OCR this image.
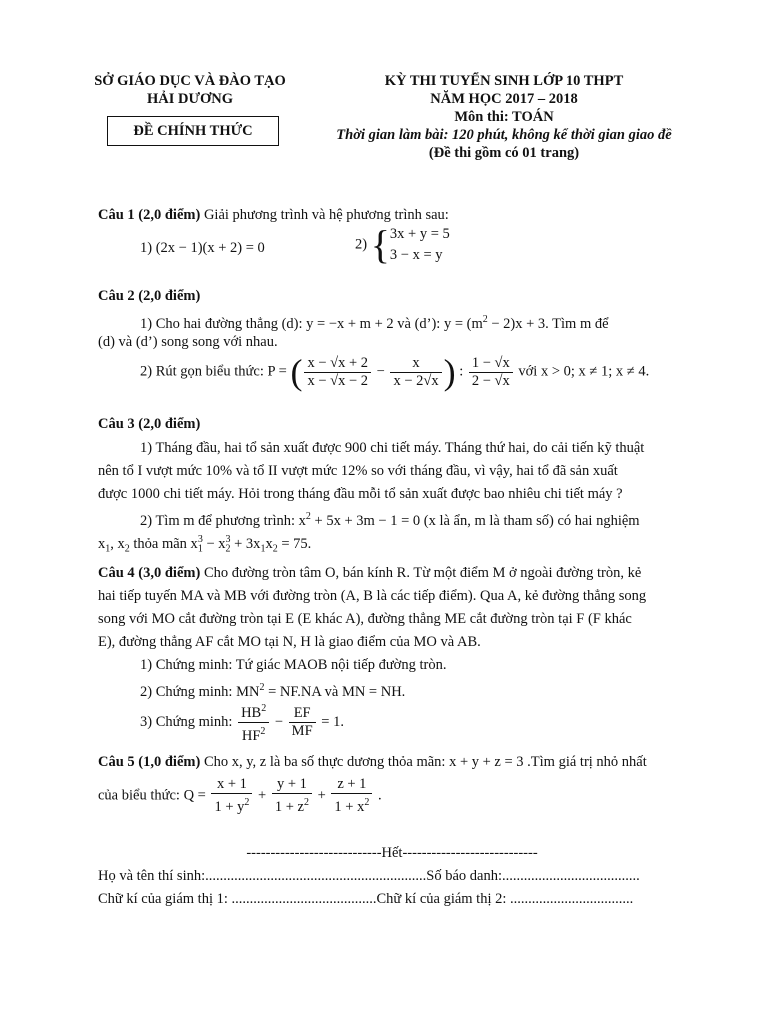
SỞ GIÁO DỤC VÀ ĐÀO TẠO
HẢI DƯƠNG
ĐỀ CHÍNH THỨC
KỲ THI TUYỂN SINH LỚP 10 THPT
NĂM HỌC 2017 – 2018
Môn thi: TOÁN
Thời gian làm bài: 120 phút, không kể thời gian giao đề
(Đề thi gồm có 01 trang)
Câu 1 (2,0 điểm) Giải phương trình và hệ phương trình sau:
1) (2x − 1)(x + 2) = 0	2) { 3x + y = 5
3 − x = y
Câu 2 (2,0 điểm)
1) Cho hai đường thẳng (d): y = −x + m + 2 và (d’): $y = (m^2 - 2)x + 3$. Tìm m để
(d) và (d’) song song với nhau.
2) Rút gọn biểu thức: P = ( $\frac{x - √x + 2}{x - √x - 2} - \frac{x}{x - 2√x}$ ) : $\frac{1 - √x}{2 - √x}$ với x > 0; x ≠ 1; x ≠ 4.
Câu 3 (2,0 điểm)
1) Tháng đầu, hai tổ sản xuất được 900 chi tiết máy. Tháng thứ hai, do cải tiến kỹ thuật
nên tổ I vượt mức 10% và tổ II vượt mức 12% so với tháng đầu, vì vậy, hai tổ đã sản xuất
được 1000 chi tiết máy. Hỏi trong tháng đầu mỗi tổ sản xuất được bao nhiêu chi tiết máy ?
2) Tìm m để phương trình: $x^2 + 5x + 3m - 1 = 0$ (x là ẩn, m là tham số) có hai nghiệm
$x_1$, $x_2$ thỏa mãn $x_1^3 - x_2^3 + 3x_1x_2 = 75$.
Câu 4 (3,0 điểm) Cho đường tròn tâm O, bán kính R. Từ một điểm M ở ngoài đường tròn, kẻ
hai tiếp tuyến MA và MB với đường tròn (A, B là các tiếp điểm). Qua A, kẻ đường thẳng song
song với MO cắt đường tròn tại E (E khác A), đường thẳng ME cắt đường tròn tại F (F khác
E), đường thẳng AF cắt MO tại N, H là giao điểm của MO và AB.
1) Chứng minh: Tứ giác MAOB nội tiếp đường tròn.
2) Chứng minh: $MN^2 = NF.NA$ và MN = NH.
3) Chứng minh: $\frac{HB^2}{HF^2} - \frac{EF}{MF} = 1$.
Câu 5 (1,0 điểm) Cho x, y, z là ba số thực dương thỏa mãn: x + y + z = 3 .Tìm giá trị nhỏ nhất
của biểu thức: $Q = \frac{x + 1}{1 + y^2} + \frac{y + 1}{1 + z^2} + \frac{z + 1}{1 + x^2}$ .
----------------------------Hết----------------------------
Họ và tên thí sinh:.............................................................Số báo danh:......................................
Chữ kí của giám thị 1: ........................................Chữ kí của giám thị 2: ..................................
